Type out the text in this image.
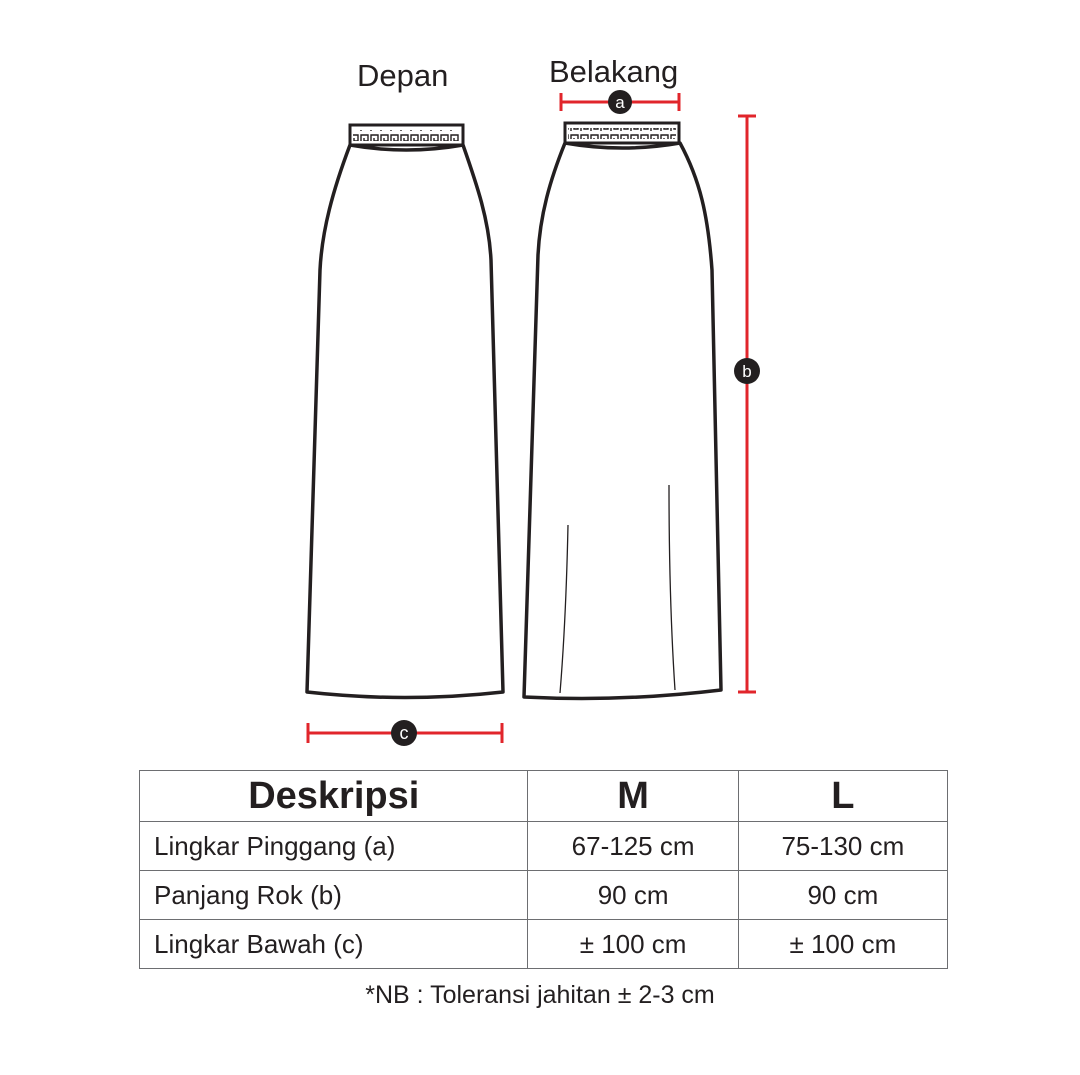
a
b
c
Depan	Belakang
Deskripsi	M	L
Lingkar Pinggang (a)	67-125 cm	75-130 cm
Panjang Rok (b)	90 cm	90 cm
Lingkar Bawah (c)	± 100 cm	± 100 cm
*NB : Toleransi jahitan ± 2-3 cm
